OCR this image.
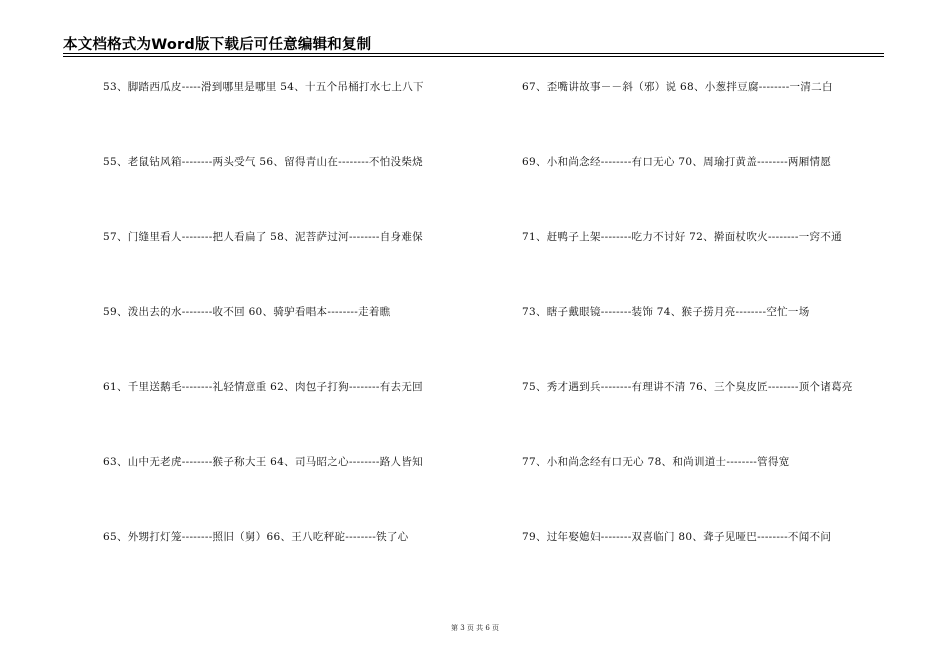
本文档格式为Word版下载后可任意编辑和复制
53、脚踏西瓜皮-----滑到哪里是哪里 54、十五个吊桶打水七上八下
55、老鼠钻风箱--------两头受气 56、留得青山在--------不怕没柴烧
57、门缝里看人--------把人看扁了 58、泥菩萨过河--------自身难保
59、泼出去的水--------收不回 60、骑驴看唱本--------走着瞧
61、千里送鹅毛--------礼轻情意重 62、肉包子打狗--------有去无回
63、山中无老虎--------猴子称大王 64、司马昭之心--------路人皆知
65、外甥打灯笼--------照旧（舅）66、王八吃秤砣--------铁了心
67、歪嘴讲故事－－斜（邪）说 68、小葱拌豆腐--------一清二白
69、小和尚念经--------有口无心 70、周瑜打黄盖--------两厢情愿
71、赶鸭子上架--------吃力不讨好 72、擀面杖吹火--------一窍不通
73、瞎子戴眼镜--------装饰 74、猴子捞月亮--------空忙一场
75、秀才遇到兵--------有理讲不清 76、三个臭皮匠--------顶个诸葛亮
77、小和尚念经有口无心 78、和尚训道士--------管得宽
79、过年娶媳妇--------双喜临门 80、聋子见哑巴--------不闻不问
第 3 页 共 6 页
